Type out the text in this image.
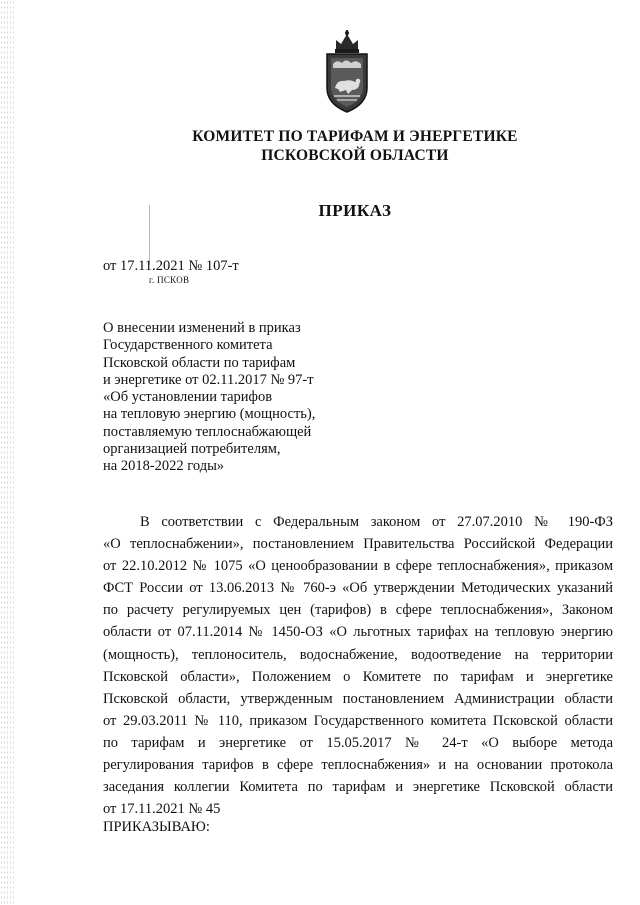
КОМИТЕТ ПО ТАРИФАМ И ЭНЕРГЕТИКЕ
ПСКОВСКОЙ ОБЛАСТИ
ПРИКАЗ
от 17.11.2021 № 107-т
г. ПСКОВ
О внесении изменений в приказ
Государственного комитета
Псковской области по тарифам
и энергетике от 02.11.2017 № 97-т
«Об установлении тарифов
на тепловую энергию (мощность),
поставляемую теплоснабжающей
организацией потребителям,
на 2018-2022 годы»
В соответствии с Федеральным законом от 27.07.2010 № 190-ФЗ
«О теплоснабжении», постановлением Правительства Российской Федерации
от 22.10.2012 № 1075 «О ценообразовании в сфере теплоснабжения», приказом
ФСТ России от 13.06.2013 № 760-э «Об утверждении Методических указаний
по расчету регулируемых цен (тарифов) в сфере теплоснабжения», Законом
области от 07.11.2014 № 1450-ОЗ «О льготных тарифах на тепловую энергию
(мощность), теплоноситель, водоснабжение, водоотведение на территории
Псковской области», Положением о Комитете по тарифам и энергетике
Псковской области, утвержденным постановлением Администрации области
от 29.03.2011 № 110, приказом Государственного комитета Псковской области
по тарифам и энергетике от 15.05.2017 № 24-т «О выборе метода
регулирования тарифов в сфере теплоснабжения» и на основании протокола
заседания коллегии Комитета по тарифам и энергетике Псковской области
от 17.11.2021 № 45
ПРИКАЗЫВАЮ:
